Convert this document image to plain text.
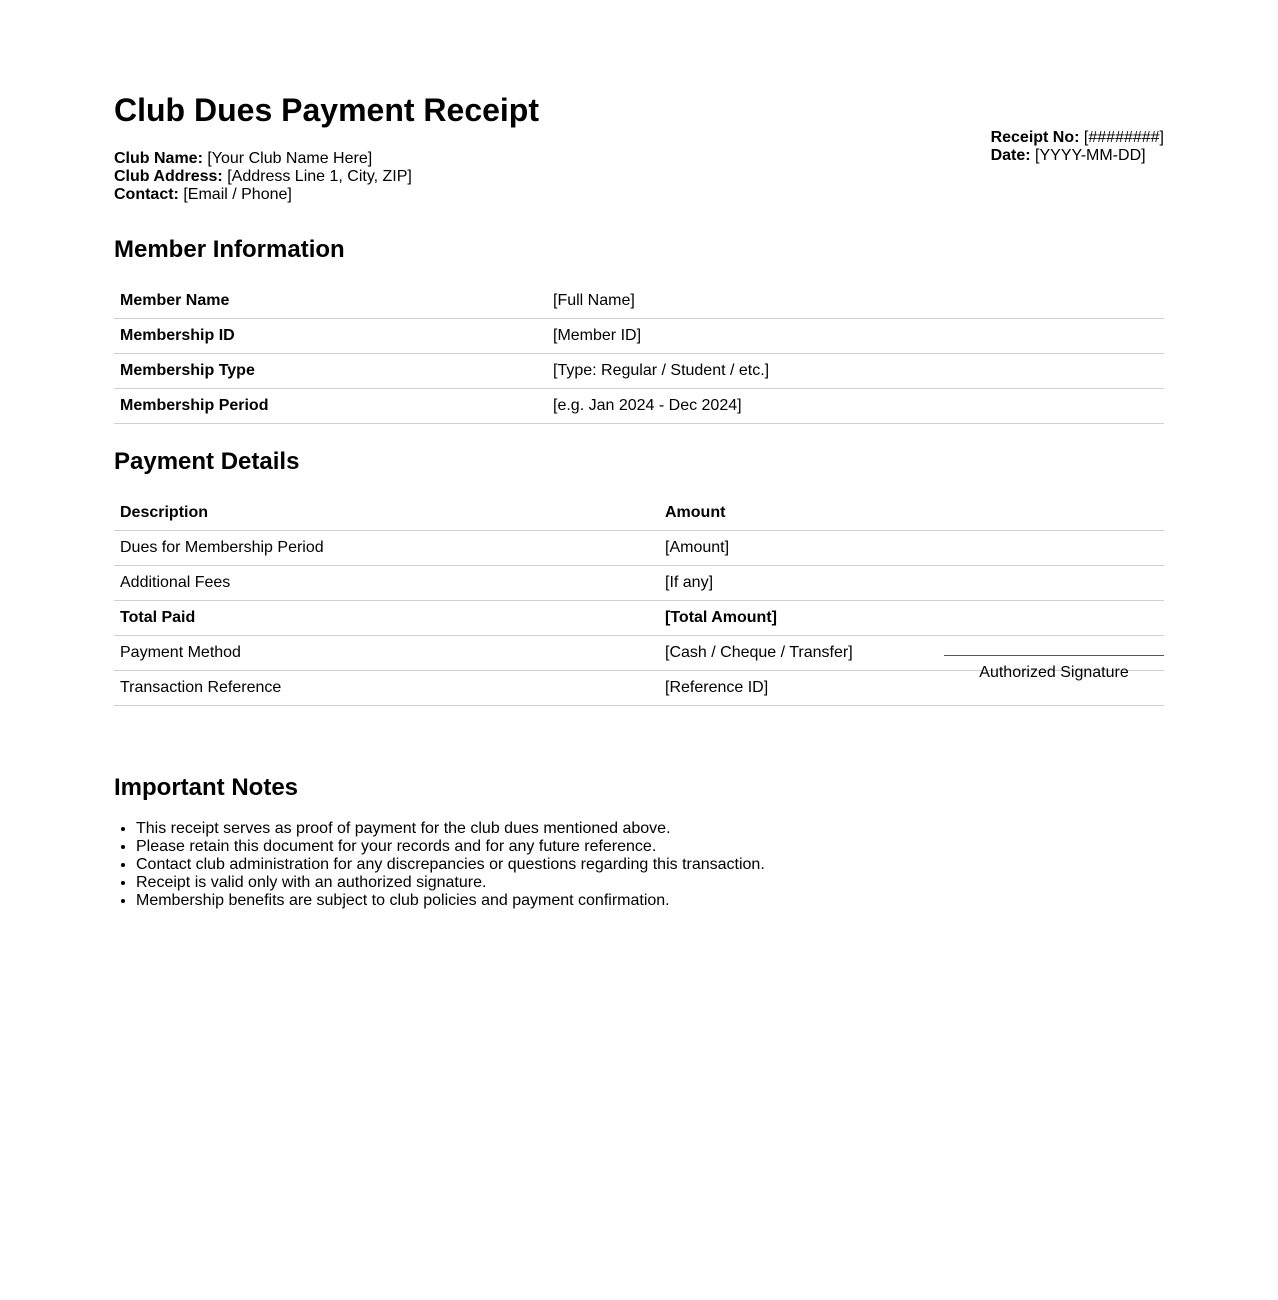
Club Dues Payment Receipt
Club Name: [Your Club Name Here]
Club Address: [Address Line 1, City, ZIP]
Contact: [Email / Phone]
Receipt No: [########]
Date: [YYYY-MM-DD]
Member Information
Member Name	[Full Name]
Membership ID	[Member ID]
Membership Type	[Type: Regular / Student / etc.]
Membership Period	[e.g. Jan 2024 - Dec 2024]
Payment Details
Description	Amount
Dues for Membership Period	[Amount]
Additional Fees	[If any]
Total Paid	[Total Amount]
Payment Method	[Cash / Cheque / Transfer]
Transaction Reference	[Reference ID]
Authorized Signature
Important Notes
• This receipt serves as proof of payment for the club dues mentioned above.
• Please retain this document for your records and for any future reference.
• Contact club administration for any discrepancies or questions regarding this transaction.
• Receipt is valid only with an authorized signature.
• Membership benefits are subject to club policies and payment confirmation.
